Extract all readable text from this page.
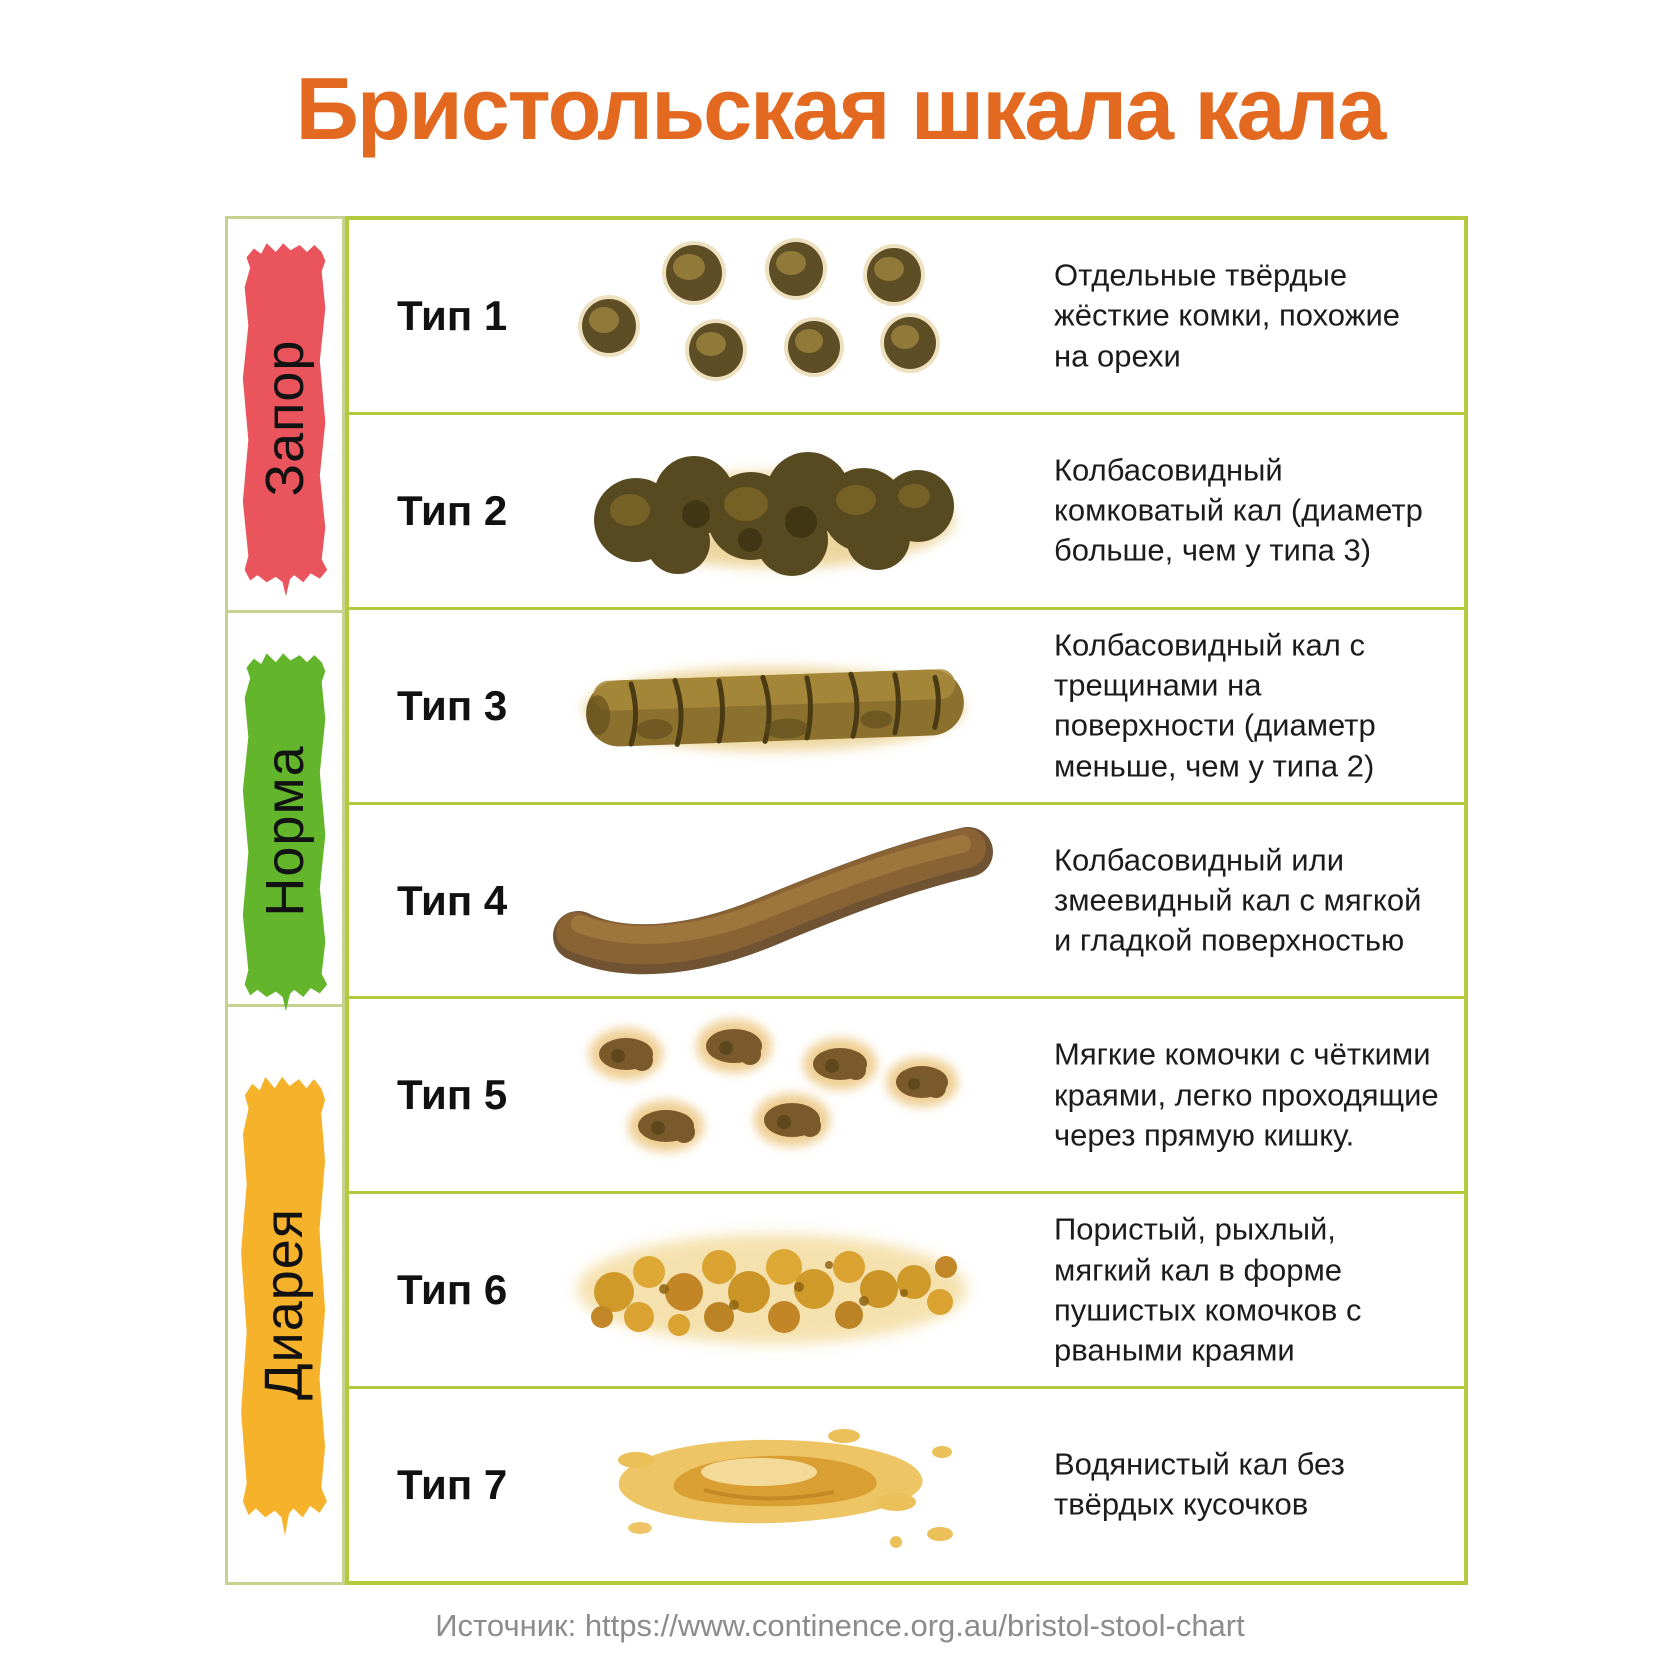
Бристольская шкала кала
Запор
Норма
Диарея
Тип 1
Отдельные твёрдые жёсткие комки, похожие на орехи
Тип 2
Колбасовидный комковатый кал (диаметр больше, чем у типа 3)
Тип 3
Колбасовидный кал с трещинами на поверхности (диаметр меньше, чем у типа 2)
Тип 4
Колбасовидный или змеевидный кал с мягкой и гладкой поверхностью
Тип 5
Мягкие комочки с чёткими краями, легко проходящие через прямую кишку.
Тип 6
Пористый, рыхлый, мягкий кал в форме пушистых комочков с рваными краями
Тип 7	Водянистый кал без твёрдых кусочков
Источник: https://www.continence.org.au/bristol-stool-chart
